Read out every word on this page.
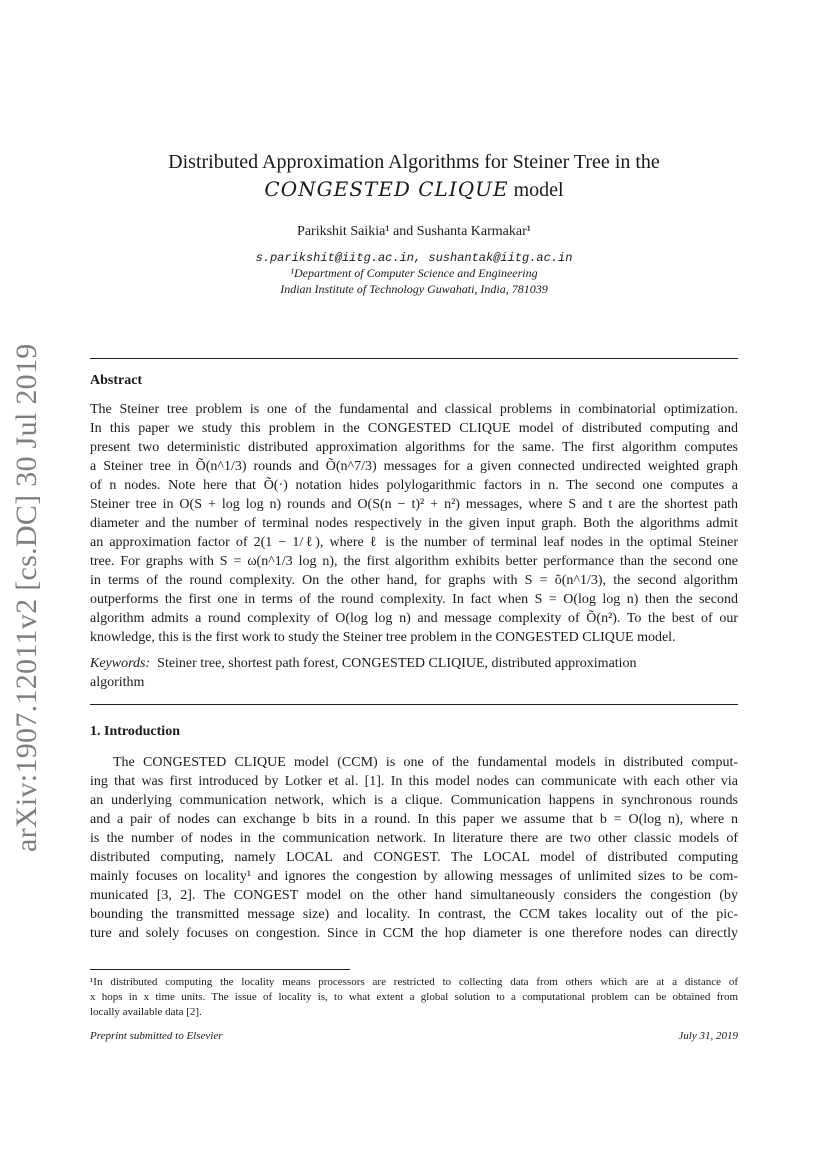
arXiv:1907.12011v2 [cs.DC] 30 Jul 2019
Distributed Approximation Algorithms for Steiner Tree in the
CONGESTED CLIQUE model
Parikshit Saikia¹ and Sushanta Karmakar¹
s.parikshit@iitg.ac.in, sushantak@iitg.ac.in
¹Department of Computer Science and Engineering
Indian Institute of Technology Guwahati, India, 781039
Abstract
The Steiner tree problem is one of the fundamental and classical problems in combinatorial optimization.
In this paper we study this problem in the CONGESTED CLIQUE model of distributed computing and
present two deterministic distributed approximation algorithms for the same. The first algorithm computes
a Steiner tree in Õ(n^1/3) rounds and Õ(n^7/3) messages for a given connected undirected weighted graph
of n nodes. Note here that Õ(·) notation hides polylogarithmic factors in n. The second one computes a
Steiner tree in O(S + log log n) rounds and O(S(n − t)² + n²) messages, where S and t are the shortest path
diameter and the number of terminal nodes respectively in the given input graph. Both the algorithms admit
an approximation factor of 2(1 − 1/ℓ), where ℓ is the number of terminal leaf nodes in the optimal Steiner
tree. For graphs with S = ω(n^1/3 log n), the first algorithm exhibits better performance than the second one
in terms of the round complexity. On the other hand, for graphs with S = õ(n^1/3), the second algorithm
outperforms the first one in terms of the round complexity. In fact when S = O(log log n) then the second
algorithm admits a round complexity of O(log log n) and message complexity of Õ(n²). To the best of our
knowledge, this is the first work to study the Steiner tree problem in the CONGESTED CLIQUE model.
Keywords: Steiner tree, shortest path forest, CONGESTED CLIQIUE, distributed approximation
algorithm
1. Introduction
The CONGESTED CLIQUE model (CCM) is one of the fundamental models in distributed comput-
ing that was first introduced by Lotker et al. [1]. In this model nodes can communicate with each other via
an underlying communication network, which is a clique. Communication happens in synchronous rounds
and a pair of nodes can exchange b bits in a round. In this paper we assume that b = O(log n), where n
is the number of nodes in the communication network. In literature there are two other classic models of
distributed computing, namely LOCAL and CONGEST. The LOCAL model of distributed computing
mainly focuses on locality¹ and ignores the congestion by allowing messages of unlimited sizes to be com-
municated [3, 2]. The CONGEST model on the other hand simultaneously considers the congestion (by
bounding the transmitted message size) and locality. In contrast, the CCM takes locality out of the pic-
ture and solely focuses on congestion. Since in CCM the hop diameter is one therefore nodes can directly
¹In distributed computing the locality means processors are restricted to collecting data from others which are at a distance of
x hops in x time units. The issue of locality is, to what extent a global solution to a computational problem can be obtained from
locally available data [2].
Preprint submitted to Elsevier	July 31, 2019
